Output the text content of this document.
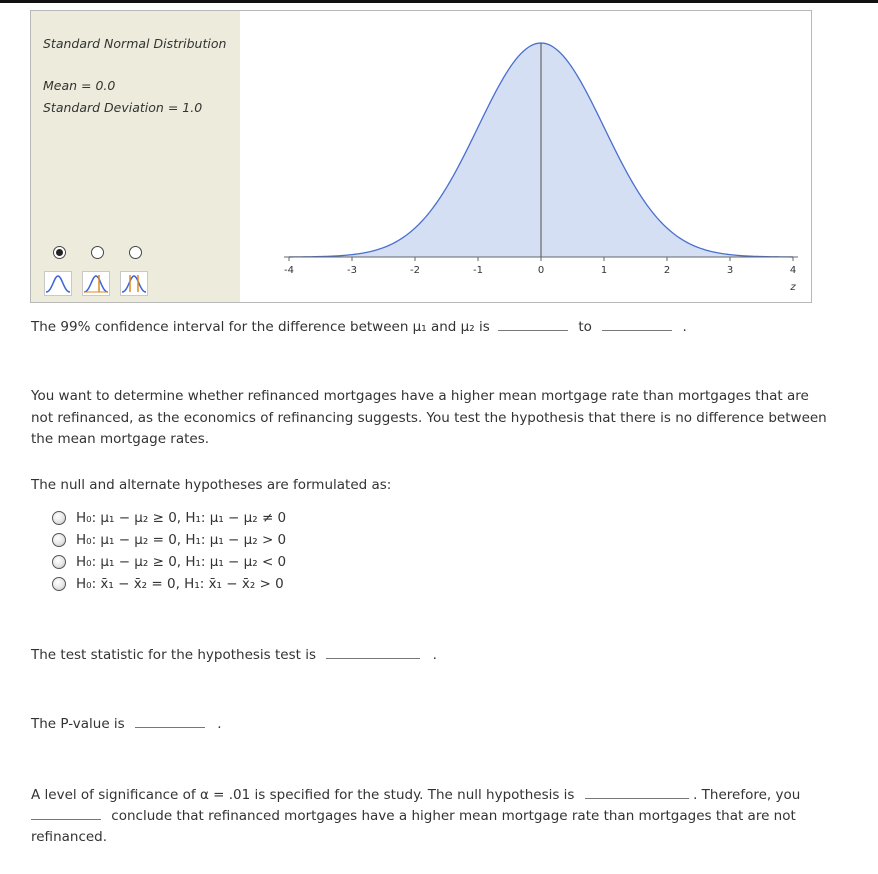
Standard Normal Distribution
Mean = 0.0
Standard Deviation = 1.0
-4	-3	-2	-1	0	1	2	3	4
z
The 99% confidence interval for the difference between μ₁ and μ₂ is	to	.
You want to determine whether refinanced mortgages have a higher mean mortgage rate than mortgages that are not refinanced, as the economics of refinancing suggests. You test the hypothesis that there is no difference between the mean mortgage rates.
The null and alternate hypotheses are formulated as:
H₀: μ₁ − μ₂ ≥ 0, H₁: μ₁ − μ₂ ≠ 0
H₀: μ₁ − μ₂ = 0, H₁: μ₁ − μ₂ > 0
H₀: μ₁ − μ₂ ≥ 0, H₁: μ₁ − μ₂ < 0
H₀: x̄₁ − x̄₂ = 0, H₁: x̄₁ − x̄₂ > 0
The test statistic for the hypothesis test is	.
The P-value is	.
A level of significance of α = .01 is specified for the study. The null hypothesis is	. Therefore, you
conclude that refinanced mortgages have a higher mean mortgage rate than mortgages that are not
refinanced.
